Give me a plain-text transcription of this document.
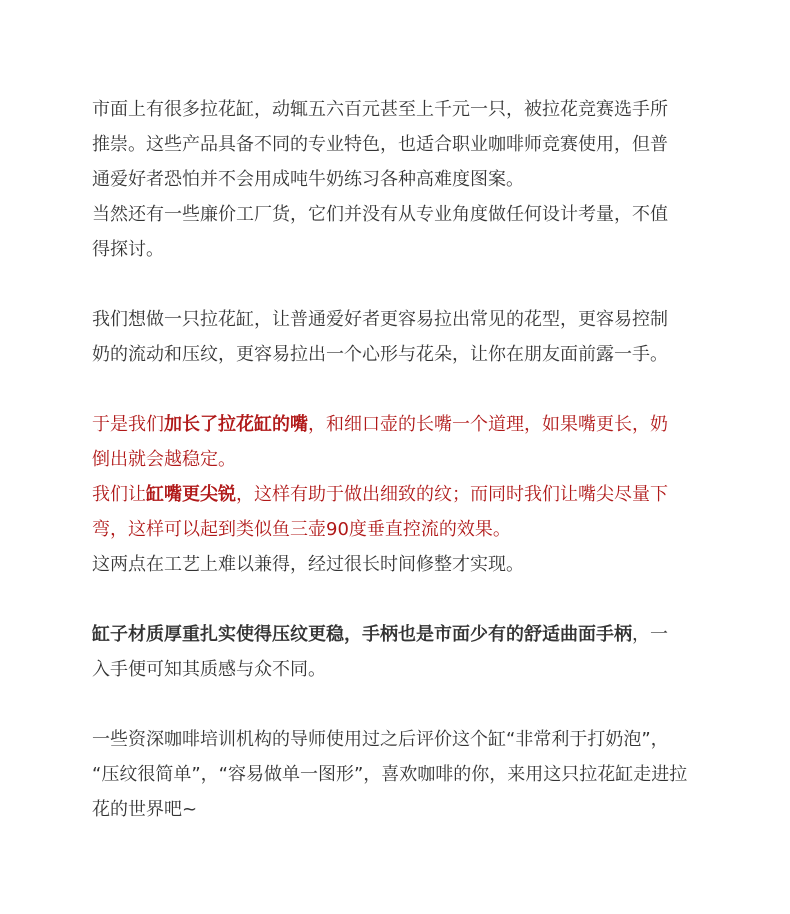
市面上有很多拉花缸，动辄五六百元甚至上千元一只，被拉花竞赛选手所
推崇。这些产品具备不同的专业特色，也适合职业咖啡师竞赛使用，但普
通爱好者恐怕并不会用成吨牛奶练习各种高难度图案。
当然还有一些廉价工厂货，它们并没有从专业角度做任何设计考量，不值
得探讨。
我们想做一只拉花缸，让普通爱好者更容易拉出常见的花型，更容易控制
奶的流动和压纹，更容易拉出一个心形与花朵，让你在朋友面前露一手。
于是我们加长了拉花缸的嘴，和细口壶的长嘴一个道理，如果嘴更长，奶
倒出就会越稳定。
我们让缸嘴更尖锐，这样有助于做出细致的纹；而同时我们让嘴尖尽量下
弯，这样可以起到类似鱼三壶90度垂直控流的效果。
这两点在工艺上难以兼得，经过很长时间修整才实现。
缸子材质厚重扎实使得压纹更稳，手柄也是市面少有的舒适曲面手柄，一
入手便可知其质感与众不同。
一些资深咖啡培训机构的导师使用过之后评价这个缸“非常利于打奶泡”，
“压纹很简单”，“容易做单一图形”，喜欢咖啡的你，来用这只拉花缸走进拉
花的世界吧~
